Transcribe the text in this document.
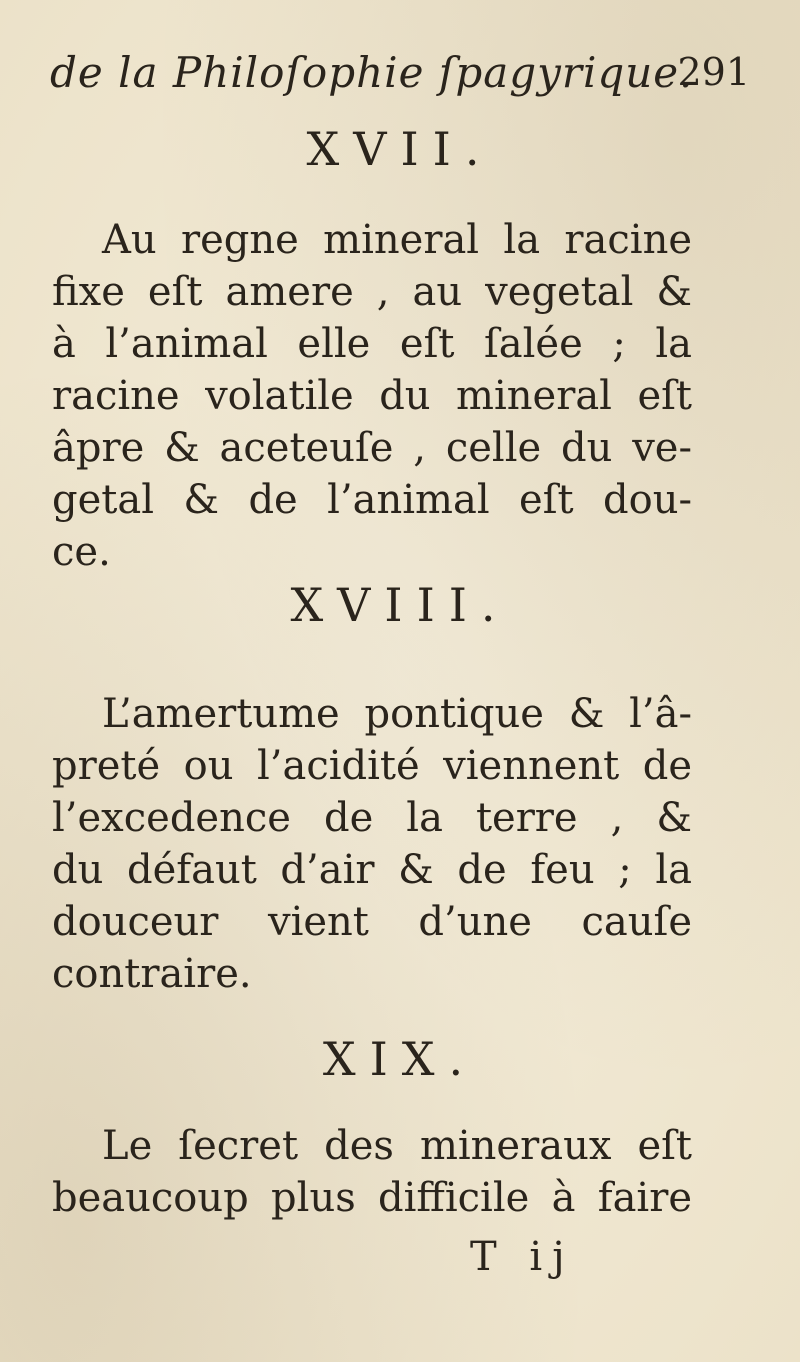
de la Philoſophie ſpagyrique.
291
XVII.
Au regne mineral la racine
fixe eſt amere , au vegetal &
à l’animal elle eſt ſalée ; la
racine volatile du mineral eſt
âpre & aceteuſe , celle du ve-
getal & de l’animal eſt dou-
ce.
XVIII.
L’amertume pontique & l’â-
preté ou l’acidité viennent de
l’excedence de la terre , &
du défaut d’air & de feu ; la
douceur vient d’une cauſe
contraire.
XIX.
Le ſecret des mineraux eſt
beaucoup plus difficile à faire
T ij
